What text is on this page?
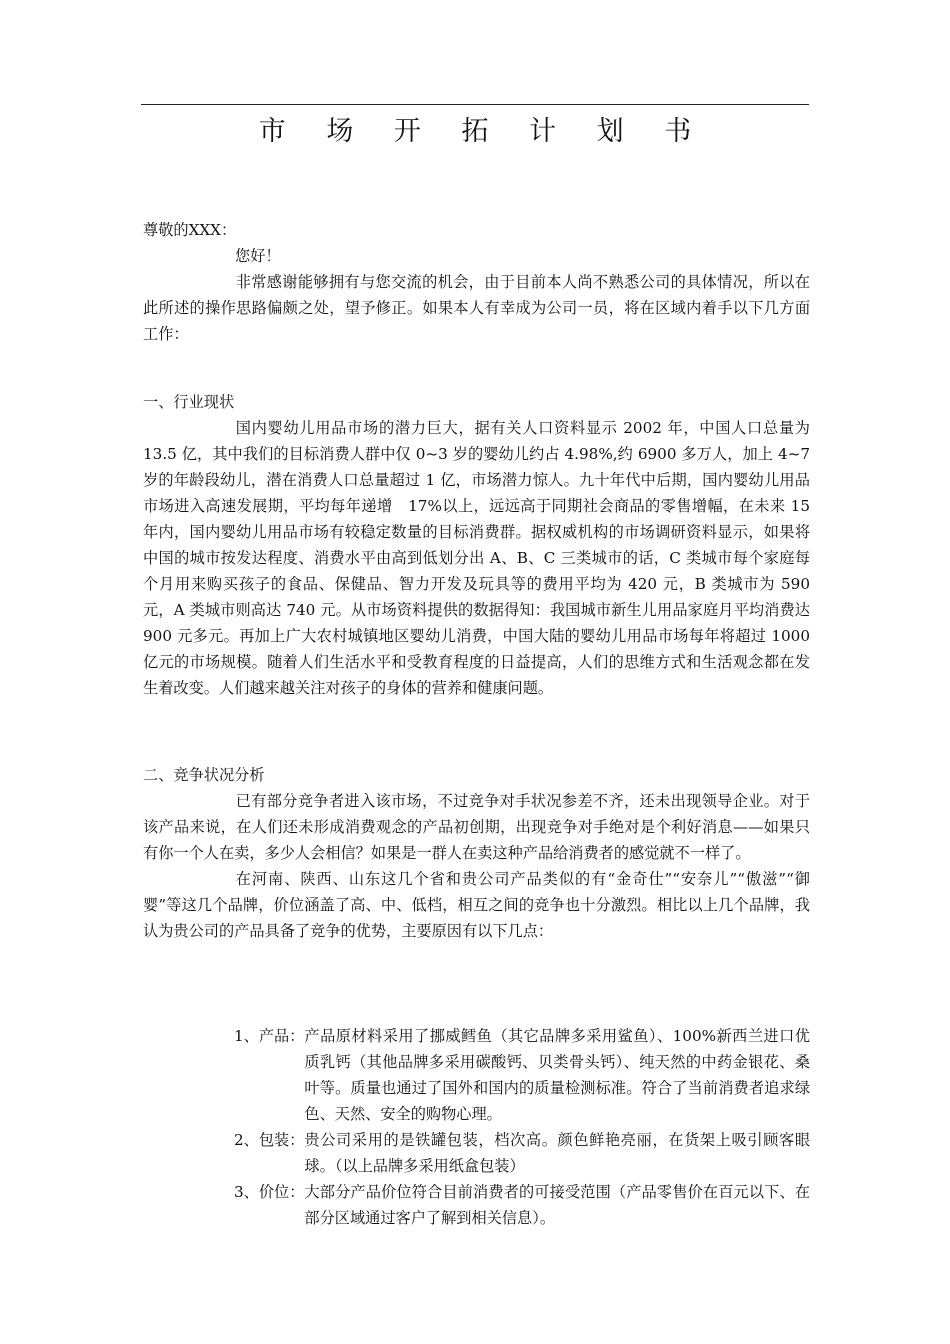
市 场 开 拓 计 划 书

尊敬的XXX：

您好！

非常感谢能够拥有与您交流的机会，由于目前本人尚不熟悉公司的具体情况，所以在此所述的操作思路偏颇之处，望予修正。如果本人有幸成为公司一员，将在区域内着手以下几方面工作：

一、行业现状

国内婴幼儿用品市场的潜力巨大，据有关人口资料显示 2002 年，中国人口总量为 13.5 亿，其中我们的目标消费人群中仅 0~3 岁的婴幼儿约占 4.98%,约 6900 多万人，加上 4~7 岁的年龄段幼儿，潜在消费人口总量超过 1 亿，市场潜力惊人。九十年代中后期，国内婴幼儿用品市场进入高速发展期，平均每年递增　17%以上，远远高于同期社会商品的零售增幅，在未来 15 年内，国内婴幼儿用品市场有较稳定数量的目标消费群。据权威机构的市场调研资料显示，如果将中国的城市按发达程度、消费水平由高到低划分出 A、B、C 三类城市的话，C 类城市每个家庭每个月用来购买孩子的食品、保健品、智力开发及玩具等的费用平均为 420 元，B 类城市为 590 元，A 类城市则高达 740 元。从市场资料提供的数据得知：我国城市新生儿用品家庭月平均消费达 900 元多元。再加上广大农村城镇地区婴幼儿消费，中国大陆的婴幼儿用品市场每年将超过 1000 亿元的市场规模。随着人们生活水平和受教育程度的日益提高，人们的思维方式和生活观念都在发生着改变。人们越来越关注对孩子的身体的营养和健康问题。

二、竞争状况分析

已有部分竞争者进入该市场，不过竞争对手状况参差不齐，还未出现领导企业。对于该产品来说，在人们还未形成消费观念的产品初创期，出现竞争对手绝对是个利好消息——如果只有你一个人在卖，多少人会相信？如果是一群人在卖这种产品给消费者的感觉就不一样了。

在河南、陕西、山东这几个省和贵公司产品类似的有“金奇仕”“安奈儿”“傲滋”“御婴”等这几个品牌，价位涵盖了高、中、低档，相互之间的竞争也十分激烈。相比以上几个品牌，我认为贵公司的产品具备了竞争的优势，主要原因有以下几点：

1、产品： 产品原材料采用了挪威鳕鱼（其它品牌多采用鲨鱼）、100%新西兰进口优质乳钙（其他品牌多采用碳酸钙、贝类骨头钙）、纯天然的中药金银花、桑叶等。质量也通过了国外和国内的质量检测标准。符合了当前消费者追求绿色、天然、安全的购物心理。
2、包装： 贵公司采用的是铁罐包装，档次高。颜色鲜艳亮丽，在货架上吸引顾客眼球。（以上品牌多采用纸盒包装）
3、价位： 大部分产品价位符合目前消费者的可接受范围（产品零售价在百元以下、在部分区域通过客户了解到相关信息）。
